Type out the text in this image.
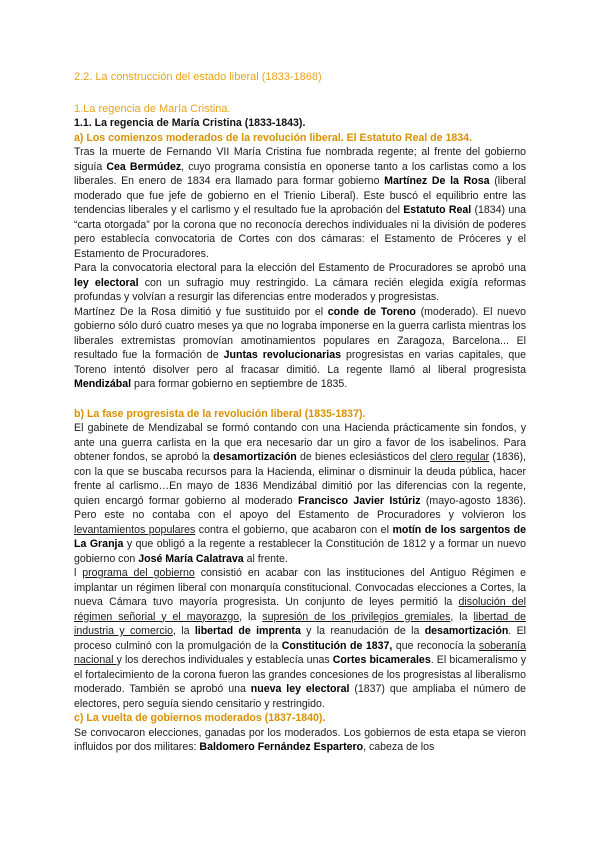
2.2. La construcción del estado liberal (1833-1868)
1.La regencia de María Cristina.
1.1. La regencia de María Cristina (1833-1843).
a) Los comienzos moderados de la revolución liberal. El Estatuto Real de 1834.

Tras la muerte de Fernando VII María Cristina fue nombrada regente; al frente del gobierno siguía Cea Bermúdez, cuyo programa consistía en oponerse tanto a los carlistas como a los liberales. En enero de 1834 era llamado para formar gobierno Martínez De la Rosa (liberal moderado que fue jefe de gobierno en el Trienio Liberal). Este buscó el equilibrio entre las tendencias liberales y el carlismo y el resultado fue la aprobación del Estatuto Real (1834) una “carta otorgada” por la corona que no reconocía derechos individuales ni la división de poderes pero establecía convocatoria de Cortes con dos cámaras: el Estamento de Próceres y el Estamento de Procuradores.

Para la convocatoria electoral para la elección del Estamento de Procuradores se aprobó una ley electoral con un sufragio muy restringido. La cámara recién elegida exigía reformas profundas y volvían a resurgir las diferencias entre moderados y progresistas.

Martínez De la Rosa dimitió y fue sustituido por el conde de Toreno (moderado). El nuevo gobierno sólo duró cuatro meses ya que no lograba imponerse en la guerra carlista mientras los liberales extremistas promovían amotinamientos populares en Zaragoza, Barcelona... El resultado fue la formación de Juntas revolucionarias progresistas en varias capitales, que Toreno intentó disolver pero al fracasar dimitió. La regente llamó al liberal progresista Mendizábal para formar gobierno en septiembre de 1835.

b) La fase progresista de la revolución liberal (1835-1837).

El gabinete de Mendizabal se formó contando con una Hacienda prácticamente sin fondos, y ante una guerra carlista en la que era necesario dar un giro a favor de los isabelinos. Para obtener fondos, se aprobó la desamortización de bienes eclesiásticos del clero regular (1836), con la que se buscaba recursos para la Hacienda, eliminar o disminuir la deuda pública, hacer frente al carlismo…En mayo de 1836 Mendizábal dimitió por las diferencias con la regente, quien encargó formar gobierno al moderado Francisco Javier Istúriz (mayo-agosto 1836). Pero este no contaba con el apoyo del Estamento de Procuradores y volvieron los levantamientos populares contra el gobierno, que acabaron con el motín de los sargentos de La Granja y que obligó a la regente a restablecer la Constitución de 1812 y a formar un nuevo gobierno con José María Calatrava al frente.

l programa del gobierno consistió en acabar con las instituciones del Antiguo Régimen e implantar un régimen liberal con monarquía constitucional. Convocadas elecciones a Cortes, la nueva Cámara tuvo mayoría progresista. Un conjunto de leyes permitió la disolución del régimen señorial y el mayorazgo, la supresión de los privilegios gremiales, la libertad de industria y comercio, la libertad de imprenta y la reanudación de la desamortización. El proceso culminó con la promulgación de la Constitución de 1837, que reconocía la soberanía nacional y los derechos individuales y establecía unas Cortes bicamerales. El bicameralismo y el fortalecimiento de la corona fueron las grandes concesiones de los progresistas al liberalismo moderado. También se aprobó una nueva ley electoral (1837) que ampliaba el número de electores, pero seguía siendo censitario y restringido.

c) La vuelta de gobiernos moderados (1837-1840).

Se convocaron elecciones, ganadas por los moderados. Los gobiernos de esta etapa se vieron influidos por dos militares: Baldomero Fernández Espartero, cabeza de los
